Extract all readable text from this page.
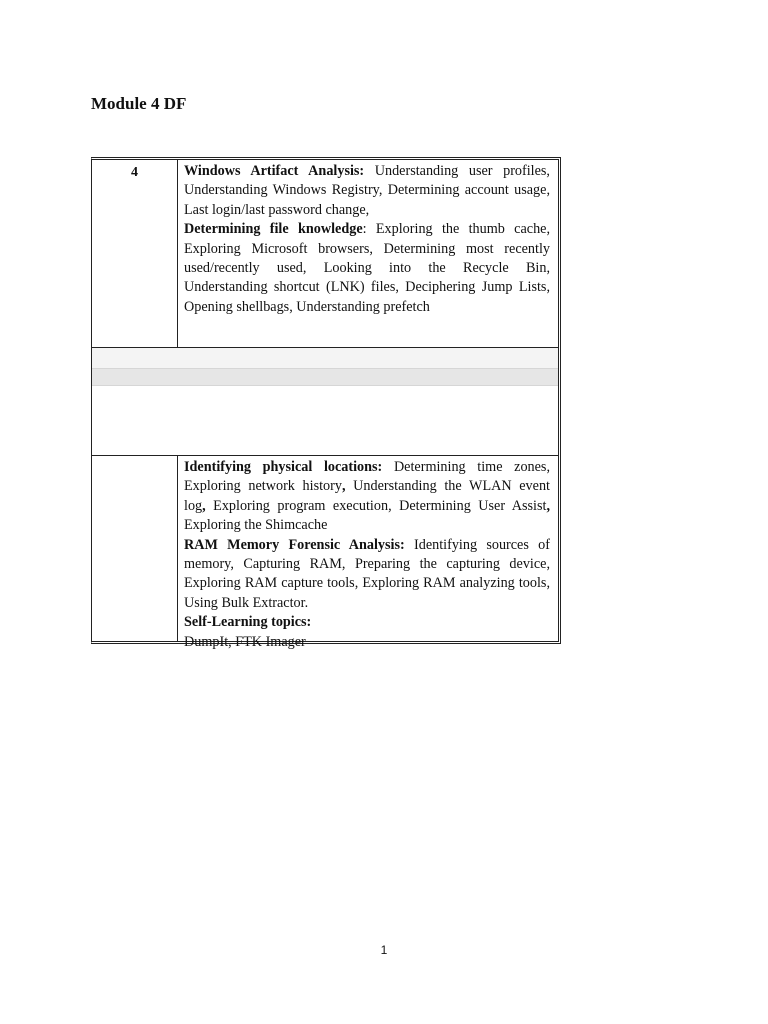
Module 4 DF
4	Windows Artifact Analysis: Understanding user profiles, Understanding Windows Registry, Determining account usage, Last login/last password change,

Determining file knowledge: Exploring the thumb cache, Exploring Microsoft browsers, Determining most recently used/recently used, Looking into the Recycle Bin, Understanding shortcut (LNK) files, Deciphering Jump Lists, Opening shellbags, Understanding prefetch

Identifying physical locations: Determining time zones, Exploring network history, Understanding the WLAN event log, Exploring program execution, Determining User Assist, Exploring the Shimcache

RAM Memory Forensic Analysis: Identifying sources of memory, Capturing RAM, Preparing the capturing device, Exploring RAM capture tools, Exploring RAM analyzing tools, Using Bulk Extractor.

Self-Learning topics:

DumpIt, FTK Imager

1
